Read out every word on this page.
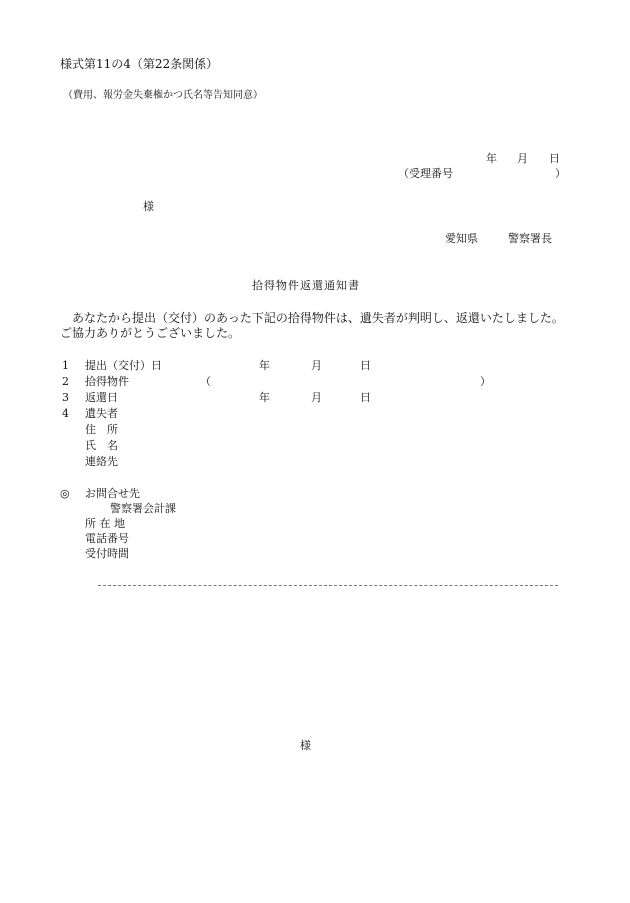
様式第11の4（第22条関係）
（費用、報労金失棄権かつ氏名等告知同意）
年 月 日
（受理番号	）
様
愛知県	警察署長
拾得物件返還通知書
あなたから提出（交付）のあった下記の拾得物件は、遺失者が判明し、返還いたしました。
ご協力ありがとうございました。
1 提出（交付）日	年	月	日
2 拾得物件	（	）
3 返還日	年	月	日
4 遺失者
住　所
氏　名
連絡先
◎ お問合せ先
警察署会計課
所 在 地
電話番号
受付時間
様
